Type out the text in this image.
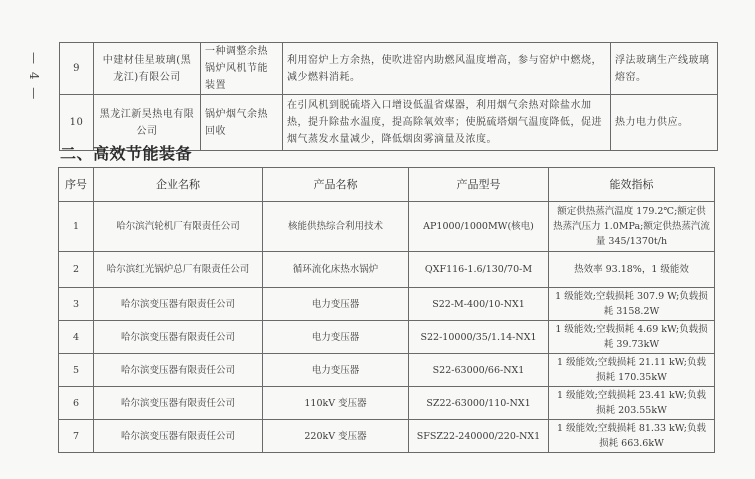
— 4 —	9	中建材佳星玻璃(黑龙江)有限公司	一种调整余热锅炉风机节能装置	利用窑炉上方余热，使吹进窑内助燃风温度增高，参与窑炉中燃烧，减少燃料消耗。	浮法玻璃生产线玻璃熔窑。
10	黑龙江新昊热电有限公司	锅炉烟气余热回收	在引风机到脱硫塔入口增设低温省煤器，利用烟气余热对除盐水加热，提升除盐水温度，提高除氧效率；使脱硫塔烟气温度降低，促进烟气蒸发水量减少，降低烟囱雾滴量及浓度。	热力电力供应。
二、高效节能装备
序号	企业名称	产品名称	产品型号	能效指标
1	哈尔滨汽轮机厂有限责任公司	核能供热综合利用技术	AP1000/1000MW(核电)	额定供热蒸汽温度 179.2℃;额定供热蒸汽压力 1.0MPa;额定供热蒸汽流量 345/1370t/h
2	哈尔滨红光锅炉总厂有限责任公司	循环流化床热水锅炉	QXF116-1.6/130/70-M	热效率 93.18%，1 级能效
3	哈尔滨变压器有限责任公司	电力变压器	S22-M-400/10-NX1	1 级能效;空载损耗 307.9 W;负载损耗 3158.2W
4	哈尔滨变压器有限责任公司	电力变压器	S22-10000/35/1.14-NX1	1 级能效;空载损耗 4.69 kW;负载损耗 39.73kW
5	哈尔滨变压器有限责任公司	电力变压器	S22-63000/66-NX1	1 级能效;空载损耗 21.11 kW;负载损耗 170.35kW
6	哈尔滨变压器有限责任公司	110kV 变压器	SZ22-63000/110-NX1	1 级能效;空载损耗 23.41 kW;负载损耗 203.55kW
7	哈尔滨变压器有限责任公司	220kV 变压器	SFSZ22-240000/220-NX1	1 级能效;空载损耗 81.33 kW;负载损耗 663.6kW
